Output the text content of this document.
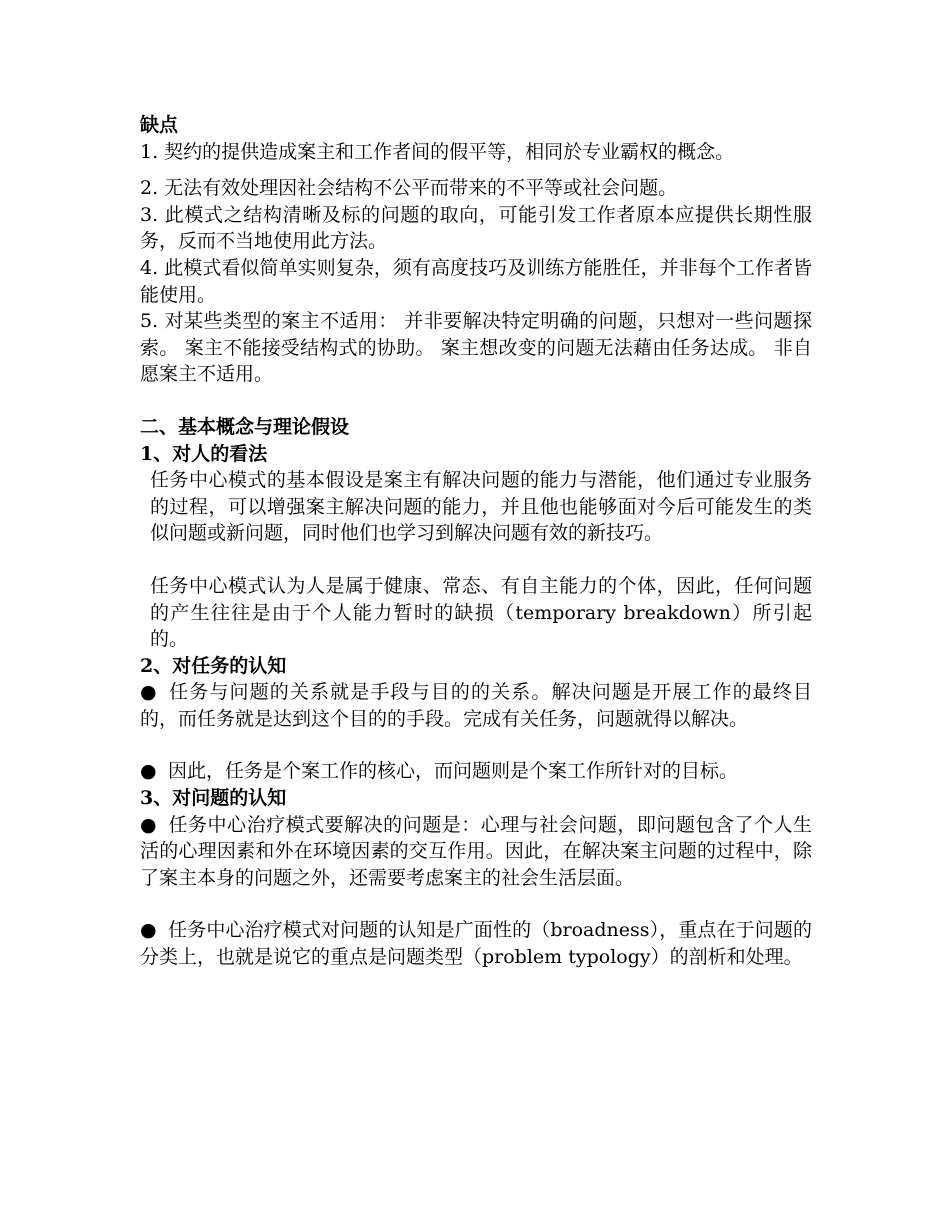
缺点

1. 契约的提供造成案主和工作者间的假平等，相同於专业霸权的概念。

2. 无法有效处理因社会结构不公平而带来的不平等或社会问题。

3. 此模式之结构清晰及标的问题的取向，可能引发工作者原本应提供长期性服务，反而不当地使用此方法。

4. 此模式看似简单实则复杂，须有高度技巧及训练方能胜任，并非每个工作者皆能使用。

5. 对某些类型的案主不适用： 并非要解决特定明确的问题，只想对一些问题探索。 案主不能接受结构式的协助。 案主想改变的问题无法藉由任务达成。 非自愿案主不适用。

二、基本概念与理论假设

1、对人的看法

任务中心模式的基本假设是案主有解决问题的能力与潜能，他们通过专业服务的过程，可以增强案主解决问题的能力，并且他也能够面对今后可能发生的类似问题或新问题，同时他们也学习到解决问题有效的新技巧。

任务中心模式认为人是属于健康、常态、有自主能力的个体，因此，任何问题的产生往往是由于个人能力暂时的缺损（temporary breakdown）所引起的。

2、对任务的认知

● 任务与问题的关系就是手段与目的的关系。解决问题是开展工作的最终目的，而任务就是达到这个目的的手段。完成有关任务，问题就得以解决。

● 因此，任务是个案工作的核心，而问题则是个案工作所针对的目标。

3、对问题的认知

● 任务中心治疗模式要解决的问题是：心理与社会问题，即问题包含了个人生活的心理因素和外在环境因素的交互作用。因此，在解决案主问题的过程中，除了案主本身的问题之外，还需要考虑案主的社会生活层面。

● 任务中心治疗模式对问题的认知是广面性的（broadness），重点在于问题的分类上，也就是说它的重点是问题类型（problem typology）的剖析和处理。
